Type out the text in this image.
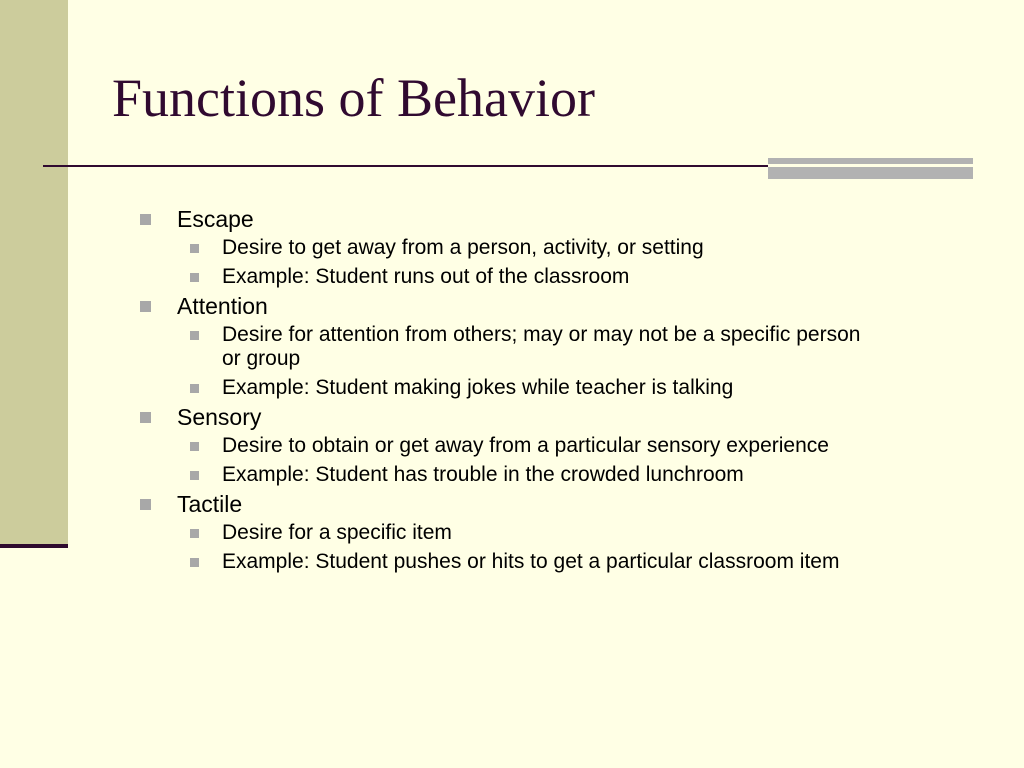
Functions of Behavior
Escape
Desire to get away from a person, activity, or setting
Example: Student runs out of the classroom
Attention
Desire for attention from others; may or may not be a specific person or group
Example: Student making jokes while teacher is talking
Sensory
Desire to obtain or get away from a particular sensory experience
Example: Student has trouble in the crowded lunchroom
Tactile
Desire for a specific item
Example: Student pushes or hits to get a particular classroom item
